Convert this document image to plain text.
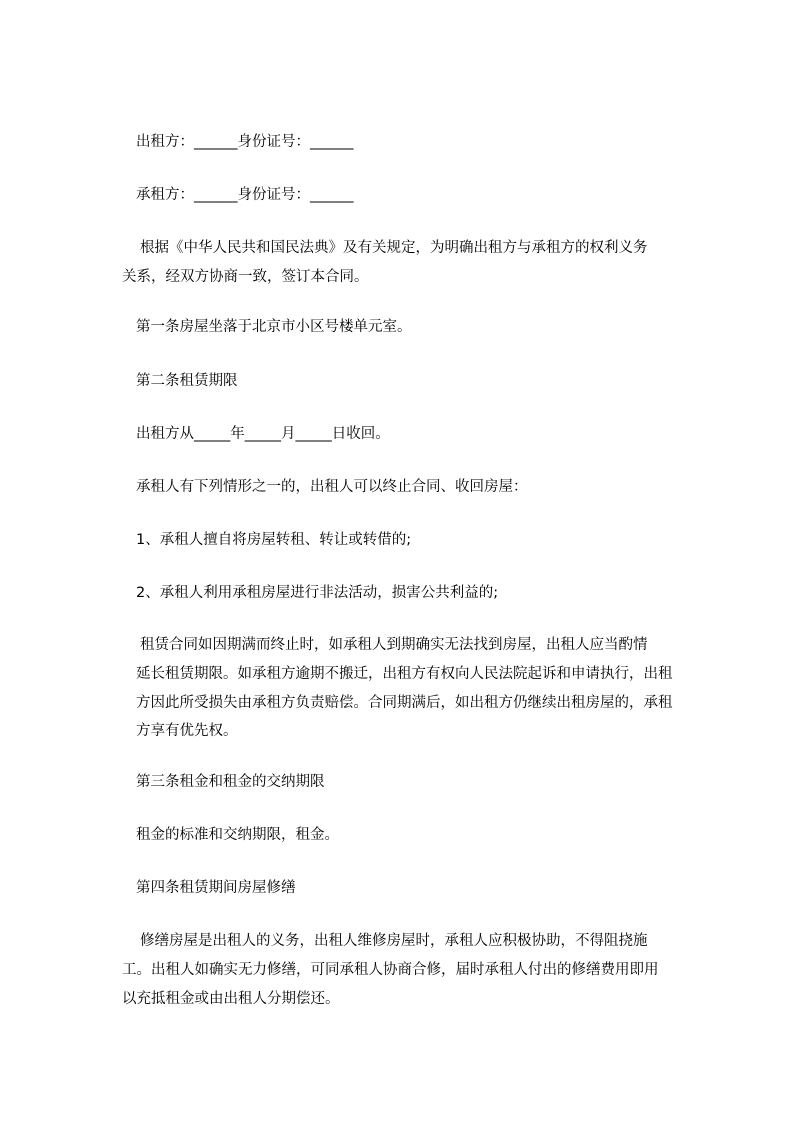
出租方：______身份证号：______
承租方：______身份证号：______
根据《中华人民共和国民法典》及有关规定，为明确出租方与承租方的权利义务
关系，经双方协商一致，签订本合同。
第一条房屋坐落于北京市小区号楼单元室。
第二条租赁期限
出租方从_____年_____月_____日收回。
承租人有下列情形之一的，出租人可以终止合同、收回房屋：
1、承租人擅自将房屋转租、转让或转借的;
2、承租人利用承租房屋进行非法活动，损害公共利益的;
租赁合同如因期满而终止时，如承租人到期确实无法找到房屋，出租人应当酌情
延长租赁期限。如承租方逾期不搬迁，出租方有权向人民法院起诉和申请执行，出租
方因此所受损失由承租方负责赔偿。合同期满后，如出租方仍继续出租房屋的，承租
方享有优先权。
第三条租金和租金的交纳期限
租金的标准和交纳期限，租金。
第四条租赁期间房屋修缮
修缮房屋是出租人的义务，出租人维修房屋时，承租人应积极协助，不得阻挠施
工。出租人如确实无力修缮，可同承租人协商合修，届时承租人付出的修缮费用即用
以充抵租金或由出租人分期偿还。
